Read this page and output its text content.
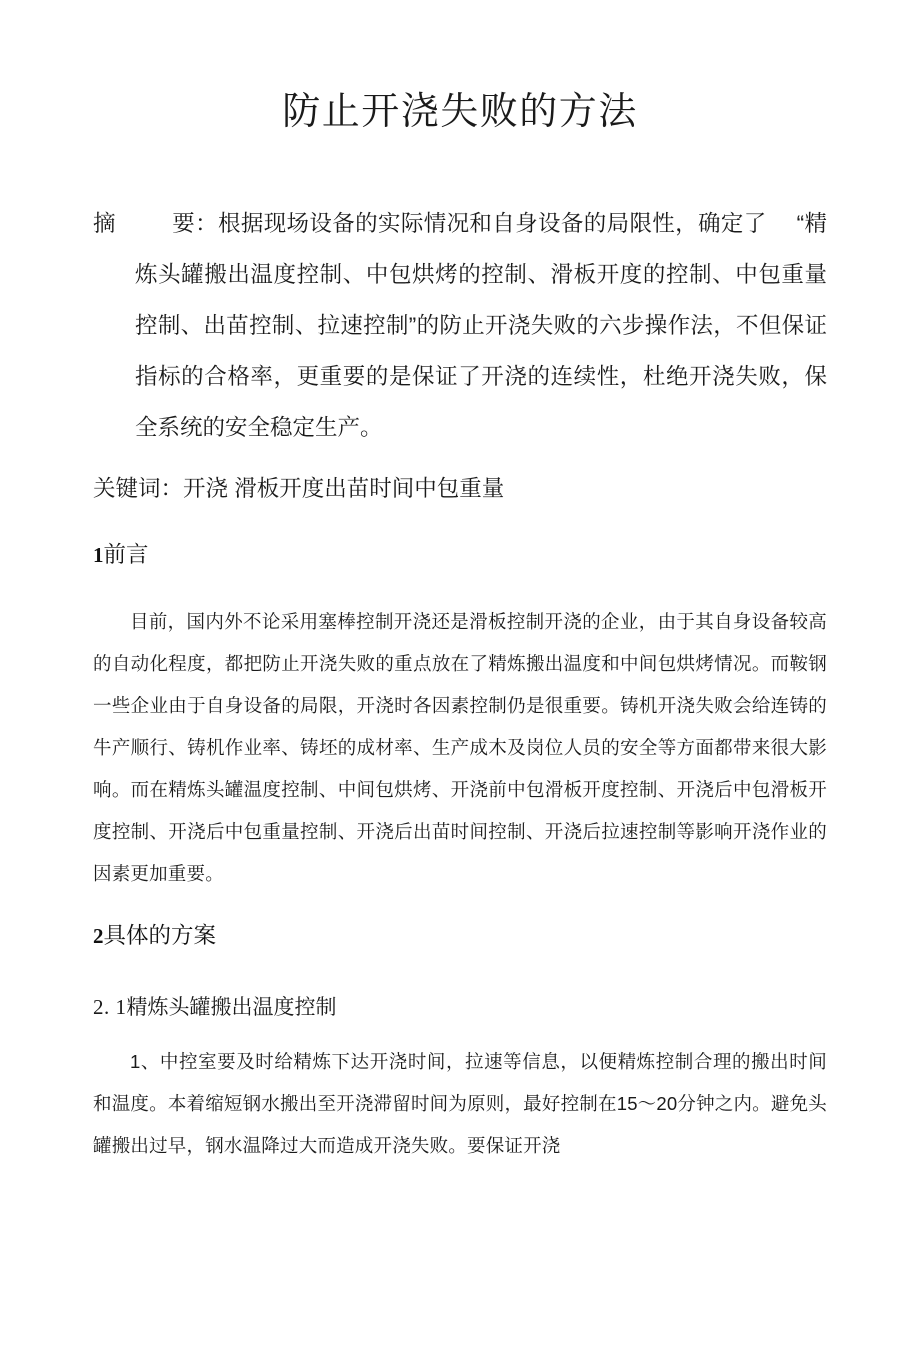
防止开浇失败的方法

摘 要：根据现场设备的实际情况和自身设备的局限性，确定了 “精炼头罐搬出温度控制、中包烘烤的控制、滑板开度的控制、中包重量控制、出苗控制、拉速控制”的防止开浇失败的六步操作法，不但保证指标的合格率，更重要的是保证了开浇的连续性，杜绝开浇失败，保全系统的安全稳定生产。

关键词：开浇 滑板开度出苗时间中包重量

1前言

目前，国内外不论采用塞棒控制开浇还是滑板控制开浇的企业，由于其自身设备较高的自动化程度，都把防止开浇失败的重点放在了精炼搬出温度和中间包烘烤情况。而鞍钢一些企业由于自身设备的局限，开浇时各因素控制仍是很重要。铸机开浇失败会给连铸的牛产顺行、铸机作业率、铸坯的成材率、生产成木及岗位人员的安全等方面都带来很大影响。而在精炼头罐温度控制、中间包烘烤、开浇前中包滑板开度控制、开浇后中包滑板开度控制、开浇后中包重量控制、开浇后出苗时间控制、开浇后拉速控制等影响开浇作业的因素更加重要。

2具体的方案
2. 1精炼头罐搬出温度控制

1、中控室要及时给精炼下达开浇时间，拉速等信息，以便精炼控制合理的搬出时间和温度。本着缩短钢水搬出至开浇滞留时间为原则，最好控制在15～20分钟之内。避免头罐搬出过早，钢水温降过大而造成开浇失败。要保证开浇
